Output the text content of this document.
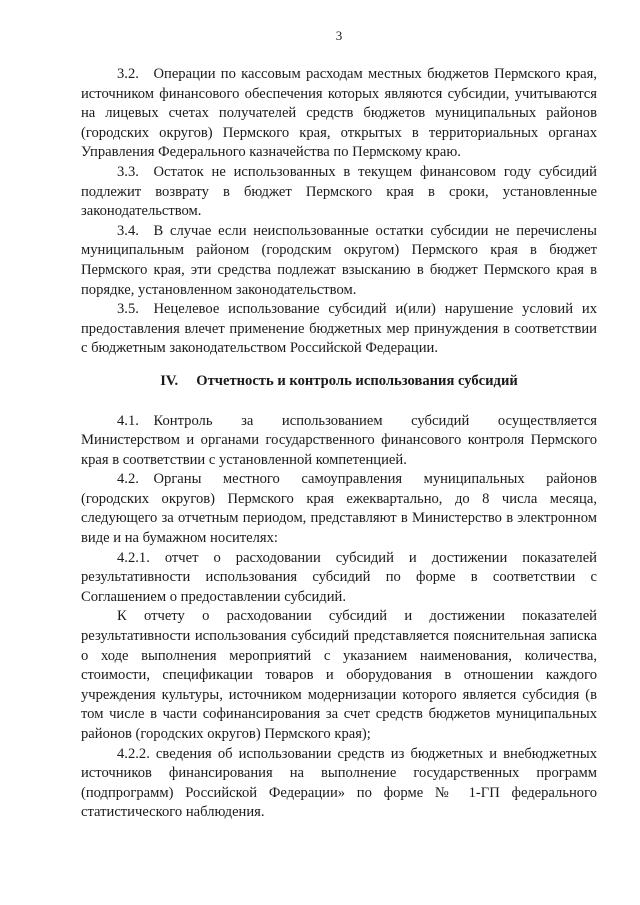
3

3.2. Операции по кассовым расходам местных бюджетов Пермского края, источником финансового обеспечения которых являются субсидии, учитываются на лицевых счетах получателей средств бюджетов муниципальных районов (городских округов) Пермского края, открытых в территориальных органах Управления Федерального казначейства по Пермскому краю.

3.3. Остаток не использованных в текущем финансовом году субсидий подлежит возврату в бюджет Пермского края в сроки, установленные законодательством.

3.4. В случае если неиспользованные остатки субсидии не перечислены муниципальным районом (городским округом) Пермского края в бюджет Пермского края, эти средства подлежат взысканию в бюджет Пермского края в порядке, установленном законодательством.

3.5. Нецелевое использование субсидий и(или) нарушение условий их предоставления влечет применение бюджетных мер принуждения в соответствии с бюджетным законодательством Российской Федерации.

IV. Отчетность и контроль использования субсидий

4.1. Контроль за использованием субсидий осуществляется Министерством и органами государственного финансового контроля Пермского края в соответствии с установленной компетенцией.

4.2. Органы местного самоуправления муниципальных районов (городских округов) Пермского края ежеквартально, до 8 числа месяца, следующего за отчетным периодом, представляют в Министерство в электронном виде и на бумажном носителях:

4.2.1. отчет о расходовании субсидий и достижении показателей результативности использования субсидий по форме в соответствии с Соглашением о предоставлении субсидий.

К отчету о расходовании субсидий и достижении показателей результативности использования субсидий представляется пояснительная записка о ходе выполнения мероприятий с указанием наименования, количества, стоимости, спецификации товаров и оборудования в отношении каждого учреждения культуры, источником модернизации которого является субсидия (в том числе в части софинансирования за счет средств бюджетов муниципальных районов (городских округов) Пермского края);

4.2.2. сведения об использовании средств из бюджетных и внебюджетных источников финансирования на выполнение государственных программ (подпрограмм) Российской Федерации» по форме № 1-ГП федерального статистического наблюдения.
